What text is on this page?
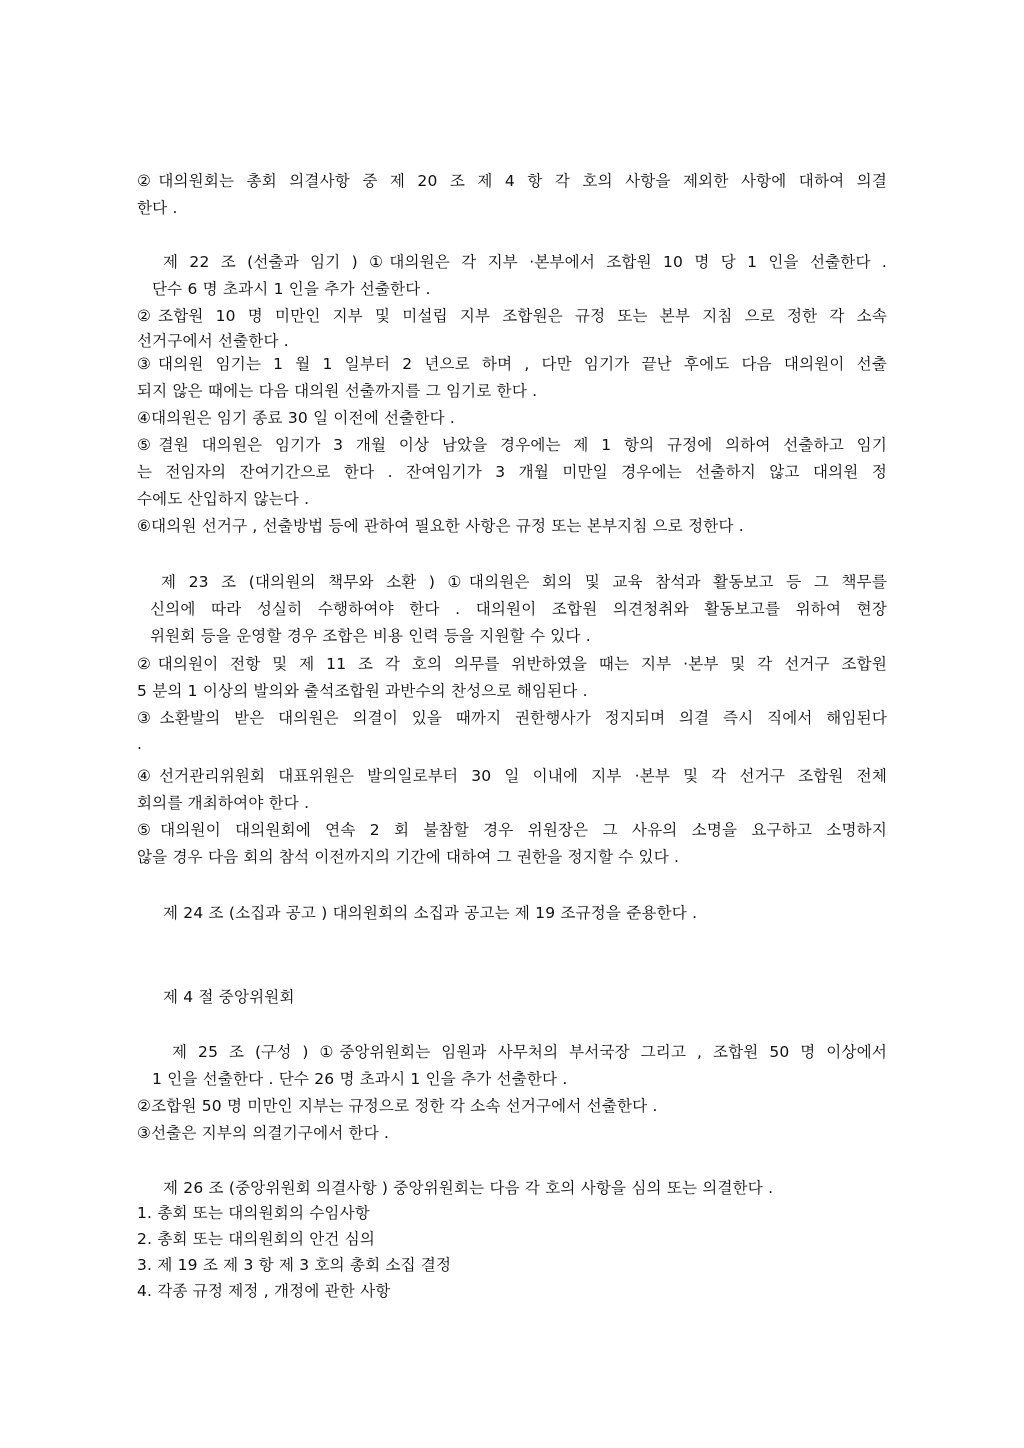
②대의원회는 총회 의결사항 중 제 20 조 제 4 항 각 호의 사항을 제외한 사항에 대하여 의결

한다 .

제 22 조 (선출과 임기 ) ①대의원은 각 지부 ·본부에서 조합원 10 명 당 1 인을 선출한다 .

단수 6 명 초과시 1 인을 추가 선출한다 .

②조합원 10 명 미만인 지부 및 미설립 지부 조합원은 규정 또는 본부 지침 으로 정한 각 소속

선거구에서 선출한다 .

③대의원 임기는 1 월 1 일부터 2 년으로 하며 , 다만 임기가 끝난 후에도 다음 대의원이 선출

되지 않은 때에는 다음 대의원 선출까지를 그 임기로 한다 .

④대의원은 임기 종료 30 일 이전에 선출한다 .

⑤결원 대의원은 임기가 3 개월 이상 남았을 경우에는 제 1 항의 규정에 의하여 선출하고 임기

는 전임자의 잔여기간으로 한다 . 잔여임기가 3 개월 미만일 경우에는 선출하지 않고 대의원 정

수에도 산입하지 않는다 .

⑥대의원 선거구 , 선출방법 등에 관하여 필요한 사항은 규정 또는 본부지침 으로 정한다 .

제 23 조 (대의원의 책무와 소환 ) ①대의원은 회의 및 교육 참석과 활동보고 등 그 책무를

신의에 따라 성실히 수행하여야 한다 . 대의원이 조합원 의견청취와 활동보고를 위하여 현장

위원회 등을 운영할 경우 조합은 비용 인력 등을 지원할 수 있다 .

②대의원이 전항 및 제 11 조 각 호의 의무를 위반하였을 때는 지부 ·본부 및 각 선거구 조합원

5 분의 1 이상의 발의와 출석조합원 과반수의 찬성으로 해임된다 .

③소환발의 받은 대의원은 의결이 있을 때까지 권한행사가 정지되며 의결 즉시 직에서 해임된다

.

④선거관리위원회 대표위원은 발의일로부터 30 일 이내에 지부 ·본부 및 각 선거구 조합원 전체

회의를 개최하여야 한다 .

⑤대의원이 대의원회에 연속 2 회 불참할 경우 위원장은 그 사유의 소명을 요구하고 소명하지

않을 경우 다음 회의 참석 이전까지의 기간에 대하여 그 권한을 정지할 수 있다 .

제 24 조 (소집과 공고 ) 대의원회의 소집과 공고는 제 19 조규정을 준용한다 .

제 4 절 중앙위원회

제 25 조 (구성 ) ①중앙위원회는 임원과 사무처의 부서국장 그리고 , 조합원 50 명 이상에서

1 인을 선출한다 . 단수 26 명 초과시 1 인을 추가 선출한다 .

②조합원 50 명 미만인 지부는 규정으로 정한 각 소속 선거구에서 선출한다 .

③선출은 지부의 의결기구에서 한다 .

제 26 조 (중앙위원회 의결사항 ) 중앙위원회는 다음 각 호의 사항을 심의 또는 의결한다 .

1. 총회 또는 대의원회의 수임사항

2. 총회 또는 대의원회의 안건 심의

3. 제 19 조 제 3 항 제 3 호의 총회 소집 결정

4. 각종 규정 제정 , 개정에 관한 사항
